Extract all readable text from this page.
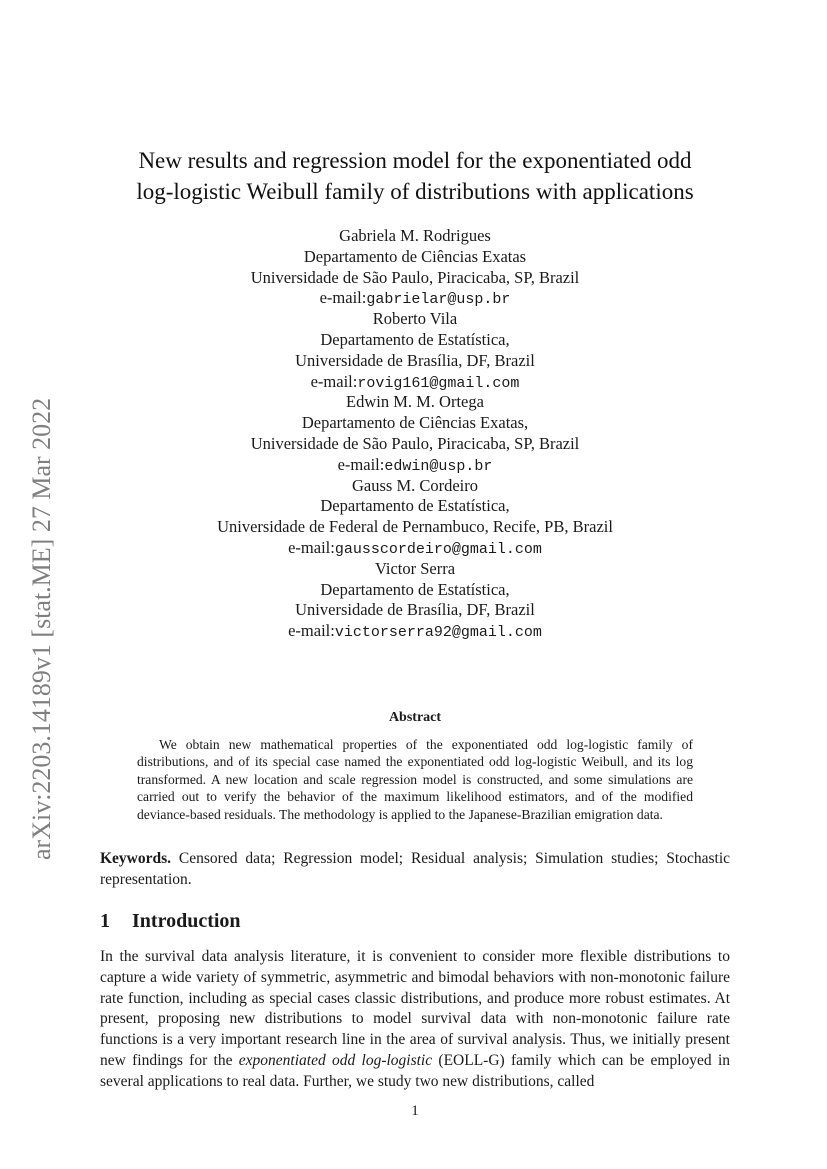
arXiv:2203.14189v1 [stat.ME] 27 Mar 2022
New results and regression model for the exponentiated odd
log-logistic Weibull family of distributions with applications
Gabriela M. Rodrigues
Departamento de Ciências Exatas
Universidade de São Paulo, Piracicaba, SP, Brazil
e-mail:gabrielar@usp.br
Roberto Vila
Departamento de Estatística,
Universidade de Brasília, DF, Brazil
e-mail:rovig161@gmail.com
Edwin M. M. Ortega
Departamento de Ciências Exatas,
Universidade de São Paulo, Piracicaba, SP, Brazil
e-mail:edwin@usp.br
Gauss M. Cordeiro
Departamento de Estatística,
Universidade de Federal de Pernambuco, Recife, PB, Brazil
e-mail:gausscordeiro@gmail.com
Victor Serra
Departamento de Estatística,
Universidade de Brasília, DF, Brazil
e-mail:victorserra92@gmail.com
Abstract
We obtain new mathematical properties of the exponentiated odd log-logistic family of distributions, and of its special case named the exponentiated odd log-logistic Weibull, and its log transformed. A new location and scale regression model is constructed, and some simulations are carried out to verify the behavior of the maximum likelihood estimators, and of the modified deviance-based residuals. The methodology is applied to the Japanese-Brazilian emigration data.
Keywords. Censored data; Regression model; Residual analysis; Simulation studies; Stochastic representation.
1 Introduction
In the survival data analysis literature, it is convenient to consider more flexible distributions to capture a wide variety of symmetric, asymmetric and bimodal behaviors with non-monotonic failure rate function, including as special cases classic distributions, and produce more robust estimates. At present, proposing new distributions to model survival data with non-monotonic failure rate functions is a very important research line in the area of survival analysis. Thus, we initially present new findings for the exponentiated odd log-logistic (EOLL-G) family which can be employed in several applications to real data. Further, we study two new distributions, called
1
